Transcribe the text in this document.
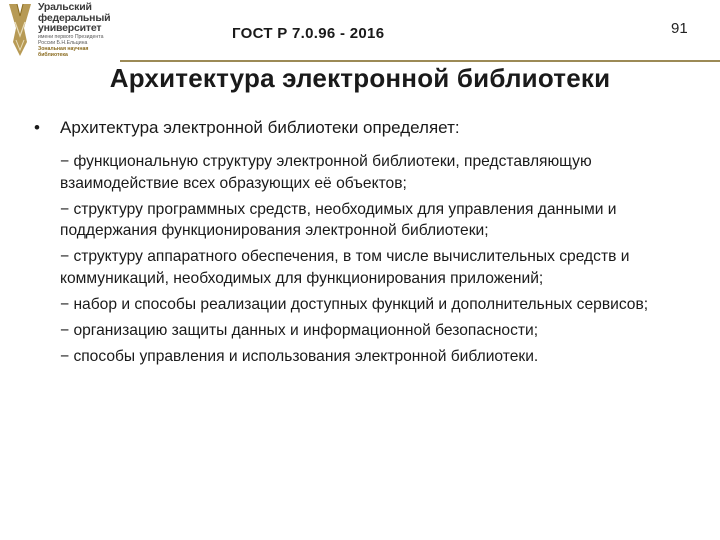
Уральский
федеральный
университет
имени первого Президента
России Б.Н.Ельцина
Зональная научная
библиотека
ГОСТ Р 7.0.96 - 2016	91
Архитектура электронной библиотеки
• Архитектура электронной библиотеки определяет:
− функциональную структуру электронной библиотеки, представляющую взаимодействие всех образующих её объектов;
− структуру программных средств, необходимых для управления данными и поддержания функционирования электронной библиотеки;
− структуру аппаратного обеспечения, в том числе вычислительных средств и коммуникаций, необходимых для функционирования приложений;
− набор и способы реализации доступных функций и дополнительных сервисов;
− организацию защиты данных и информационной безопасности;
− способы управления и использования электронной библиотеки.
